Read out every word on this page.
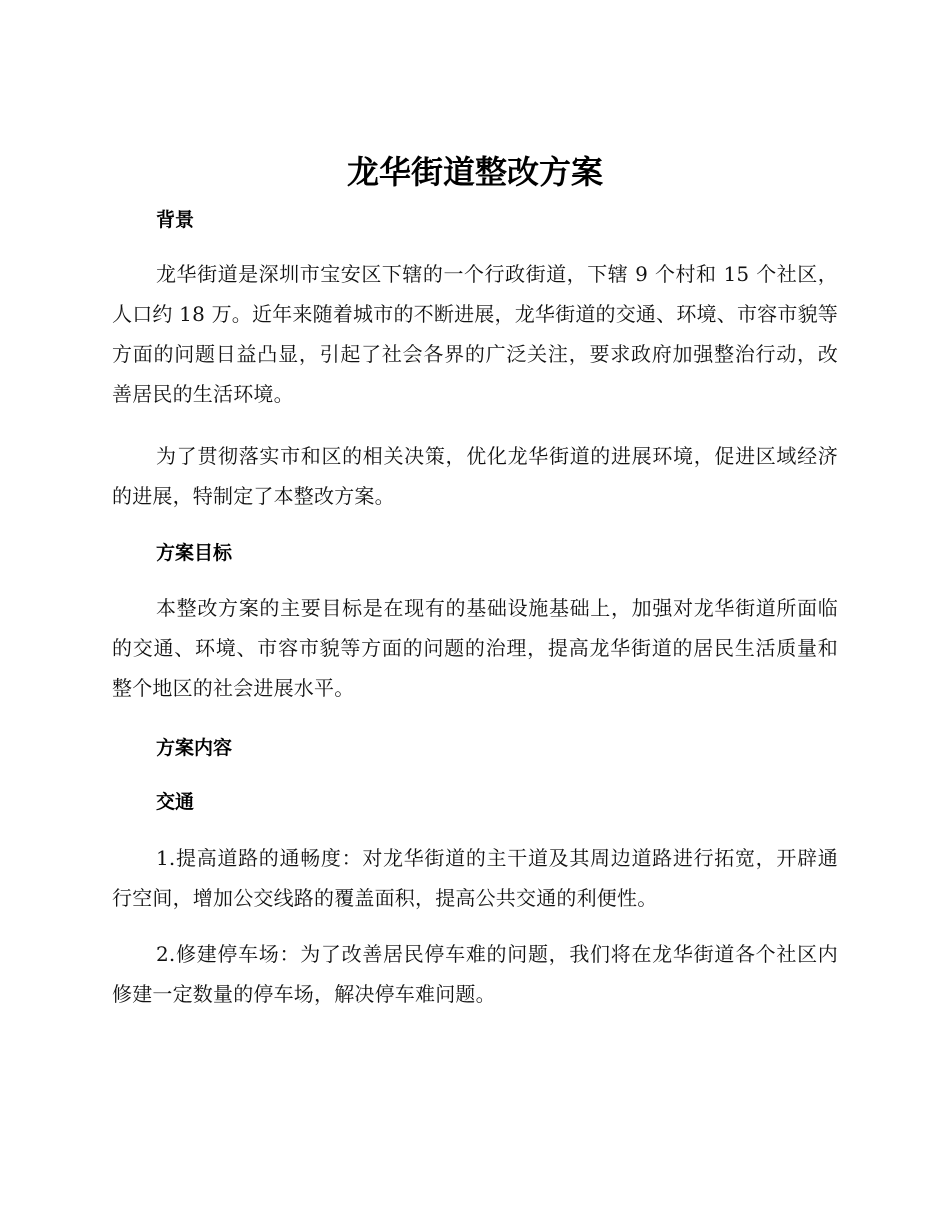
龙华街道整改方案
背景

龙华街道是深圳市宝安区下辖的一个行政街道，下辖 9 个村和 15 个社区，人口约 18 万。近年来随着城市的不断进展，龙华街道的交通、环境、市容市貌等方面的问题日益凸显，引起了社会各界的广泛关注，要求政府加强整治行动，改善居民的生活环境。

为了贯彻落实市和区的相关决策，优化龙华街道的进展环境，促进区域经济的进展，特制定了本整改方案。

方案目标

本整改方案的主要目标是在现有的基础设施基础上，加强对龙华街道所面临的交通、环境、市容市貌等方面的问题的治理，提高龙华街道的居民生活质量和整个地区的社会进展水平。

方案内容
交通

1.提高道路的通畅度：对龙华街道的主干道及其周边道路进行拓宽，开辟通行空间，增加公交线路的覆盖面积，提高公共交通的利便性。

2.修建停车场：为了改善居民停车难的问题，我们将在龙华街道各个社区内修建一定数量的停车场，解决停车难问题。
